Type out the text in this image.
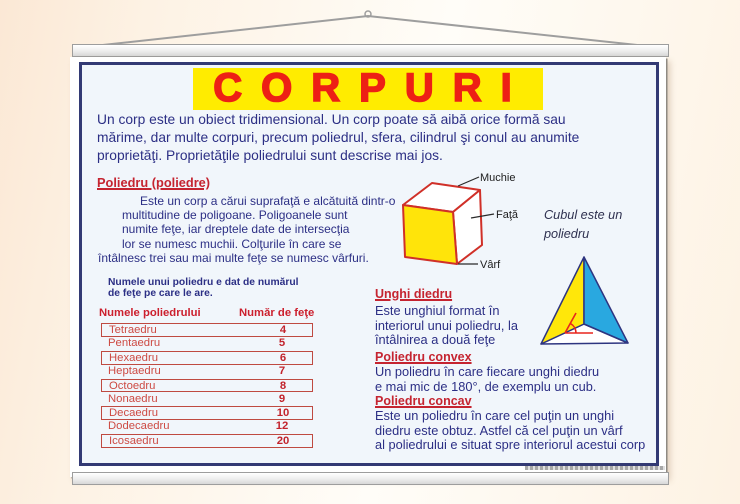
CORPURI
Un corp este un obiect tridimensional. Un corp poate să aibă orice formă sau
mărime, dar multe corpuri, precum poliedrul, sfera, cilindrul şi conul au anumite
proprietăţi. Proprietăţile poliedrului sunt descrise mai jos.
Poliedru (poliedre)
Este un corp a cărui suprafaţă e alcătuită dintr-o
multitudine de poligoane. Poligoanele sunt
numite feţe, iar dreptele date de intersecţia
lor se numesc muchii. Colţurile în care se
întâlnesc trei sau mai multe feţe se numesc vârfuri.
Muchie
Faţă
Vârf
Cubul este un poliedru
Numele unui poliedru e dat de numărul
de feţe pe care le are.
Numele poliedrului	Număr de feţe
Tetraedru	4
Pentaedru	5
Hexaedru	6
Heptaedru	7
Octoedru	8
Nonaedru	9
Decaedru	10
Dodecaedru	12
Icosaedru	20
Unghi diedru
Este unghiul format în
interiorul unui poliedru, la
întâlnirea a două feţe
Poliedru convex
Un poliedru în care fiecare unghi diedru
e mai mic de 180°, de exemplu un cub.
Poliedru concav
Este un poliedru în care cel puţin un unghi
diedru este obtuz. Astfel că cel puţin un vârf
al poliedrului e situat spre interiorul acestui corp
